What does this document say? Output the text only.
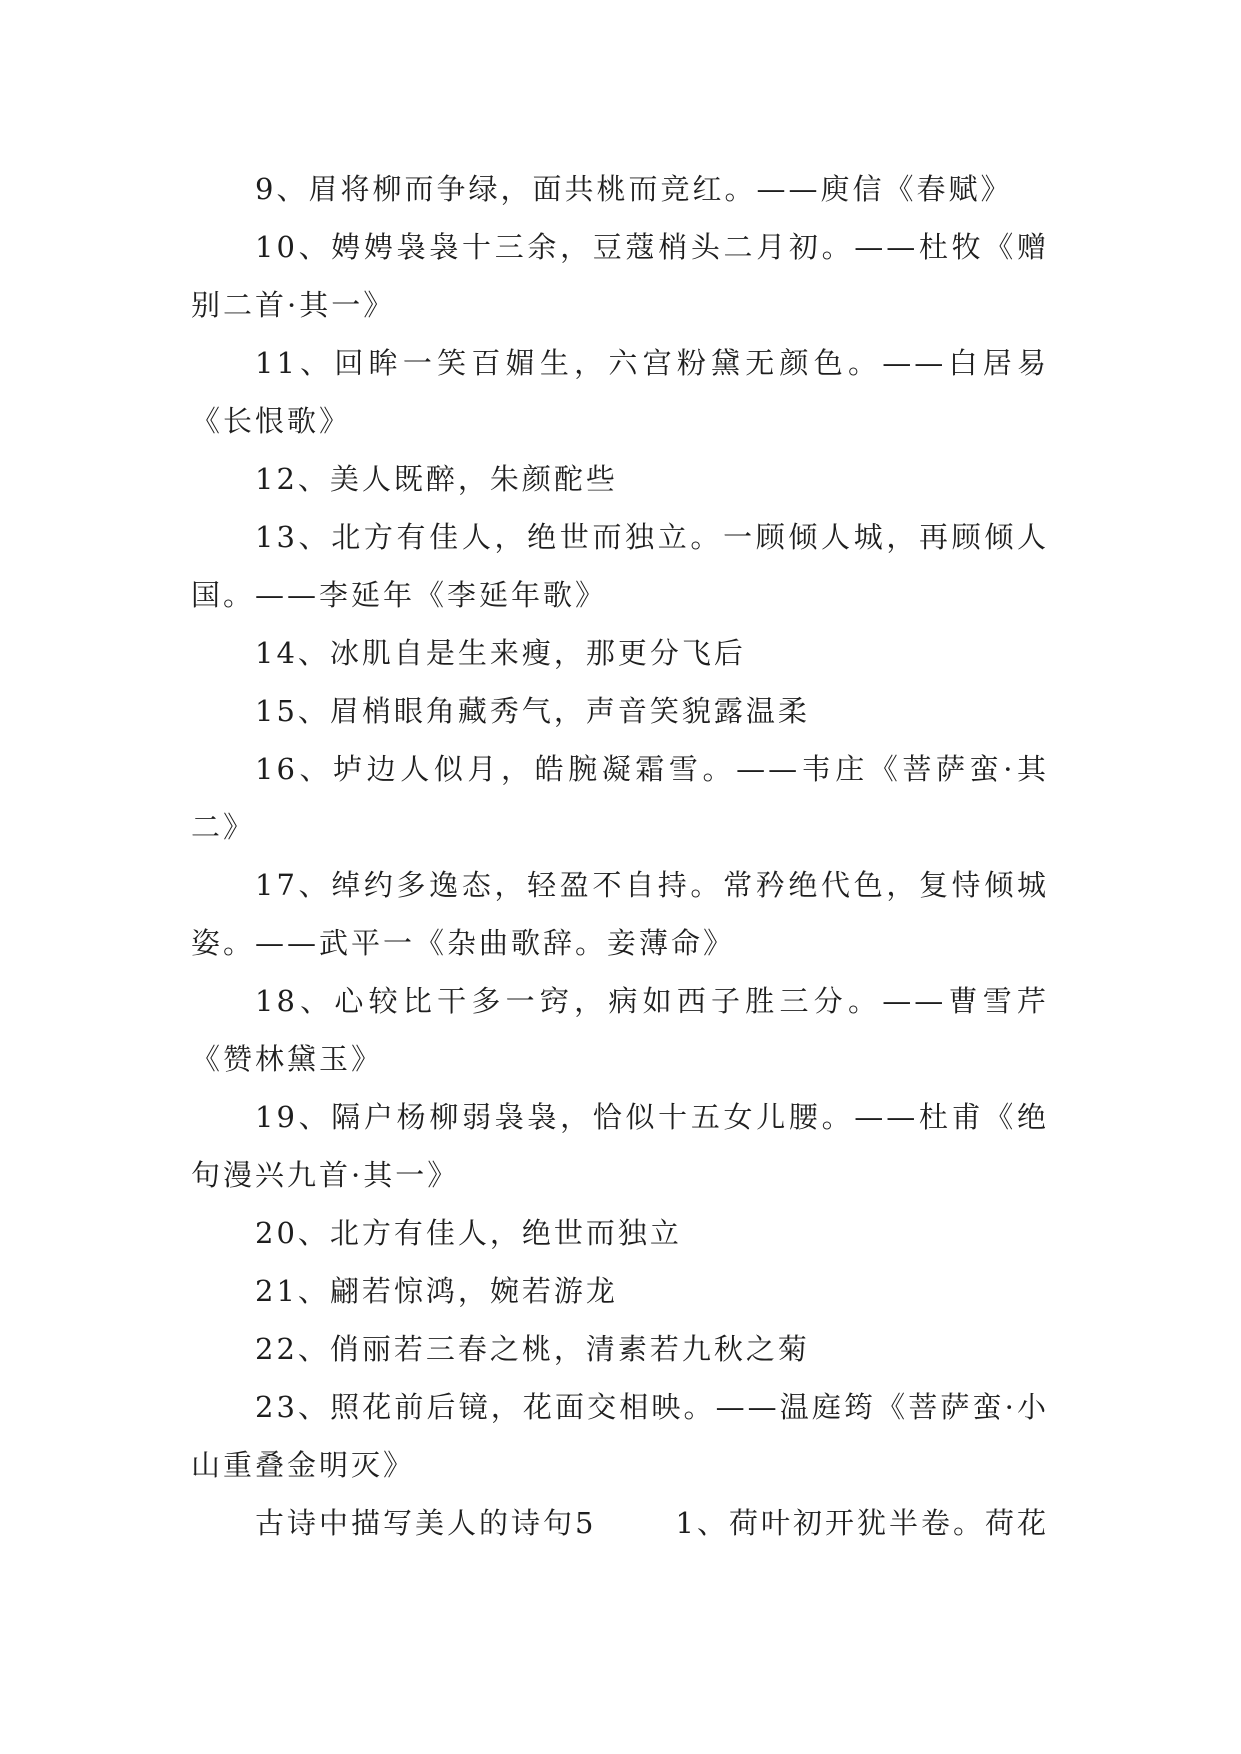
9、眉将柳而争绿，面共桃而竞红。——庾信《春赋》

10、娉娉袅袅十三余，豆蔻梢头二月初。——杜牧《赠别二首·其一》

11、回眸一笑百媚生，六宫粉黛无颜色。——白居易《长恨歌》

12、美人既醉，朱颜酡些

13、北方有佳人，绝世而独立。一顾倾人城，再顾倾人国。——李延年《李延年歌》

14、冰肌自是生来瘦，那更分飞后

15、眉梢眼角藏秀气，声音笑貌露温柔

16、垆边人似月，皓腕凝霜雪。——韦庄《菩萨蛮·其二》

17、绰约多逸态，轻盈不自持。常矜绝代色，复恃倾城姿。——武平一《杂曲歌辞。妾薄命》

18、心较比干多一窍，病如西子胜三分。——曹雪芹《赞林黛玉》

19、隔户杨柳弱袅袅，恰似十五女儿腰。——杜甫《绝句漫兴九首·其一》

20、北方有佳人，绝世而独立

21、翩若惊鸿，婉若游龙

22、俏丽若三春之桃，清素若九秋之菊

23、照花前后镜，花面交相映。——温庭筠《菩萨蛮·小山重叠金明灭》

古诗中描写美人的诗句5	1、荷叶初开犹半卷。荷花
